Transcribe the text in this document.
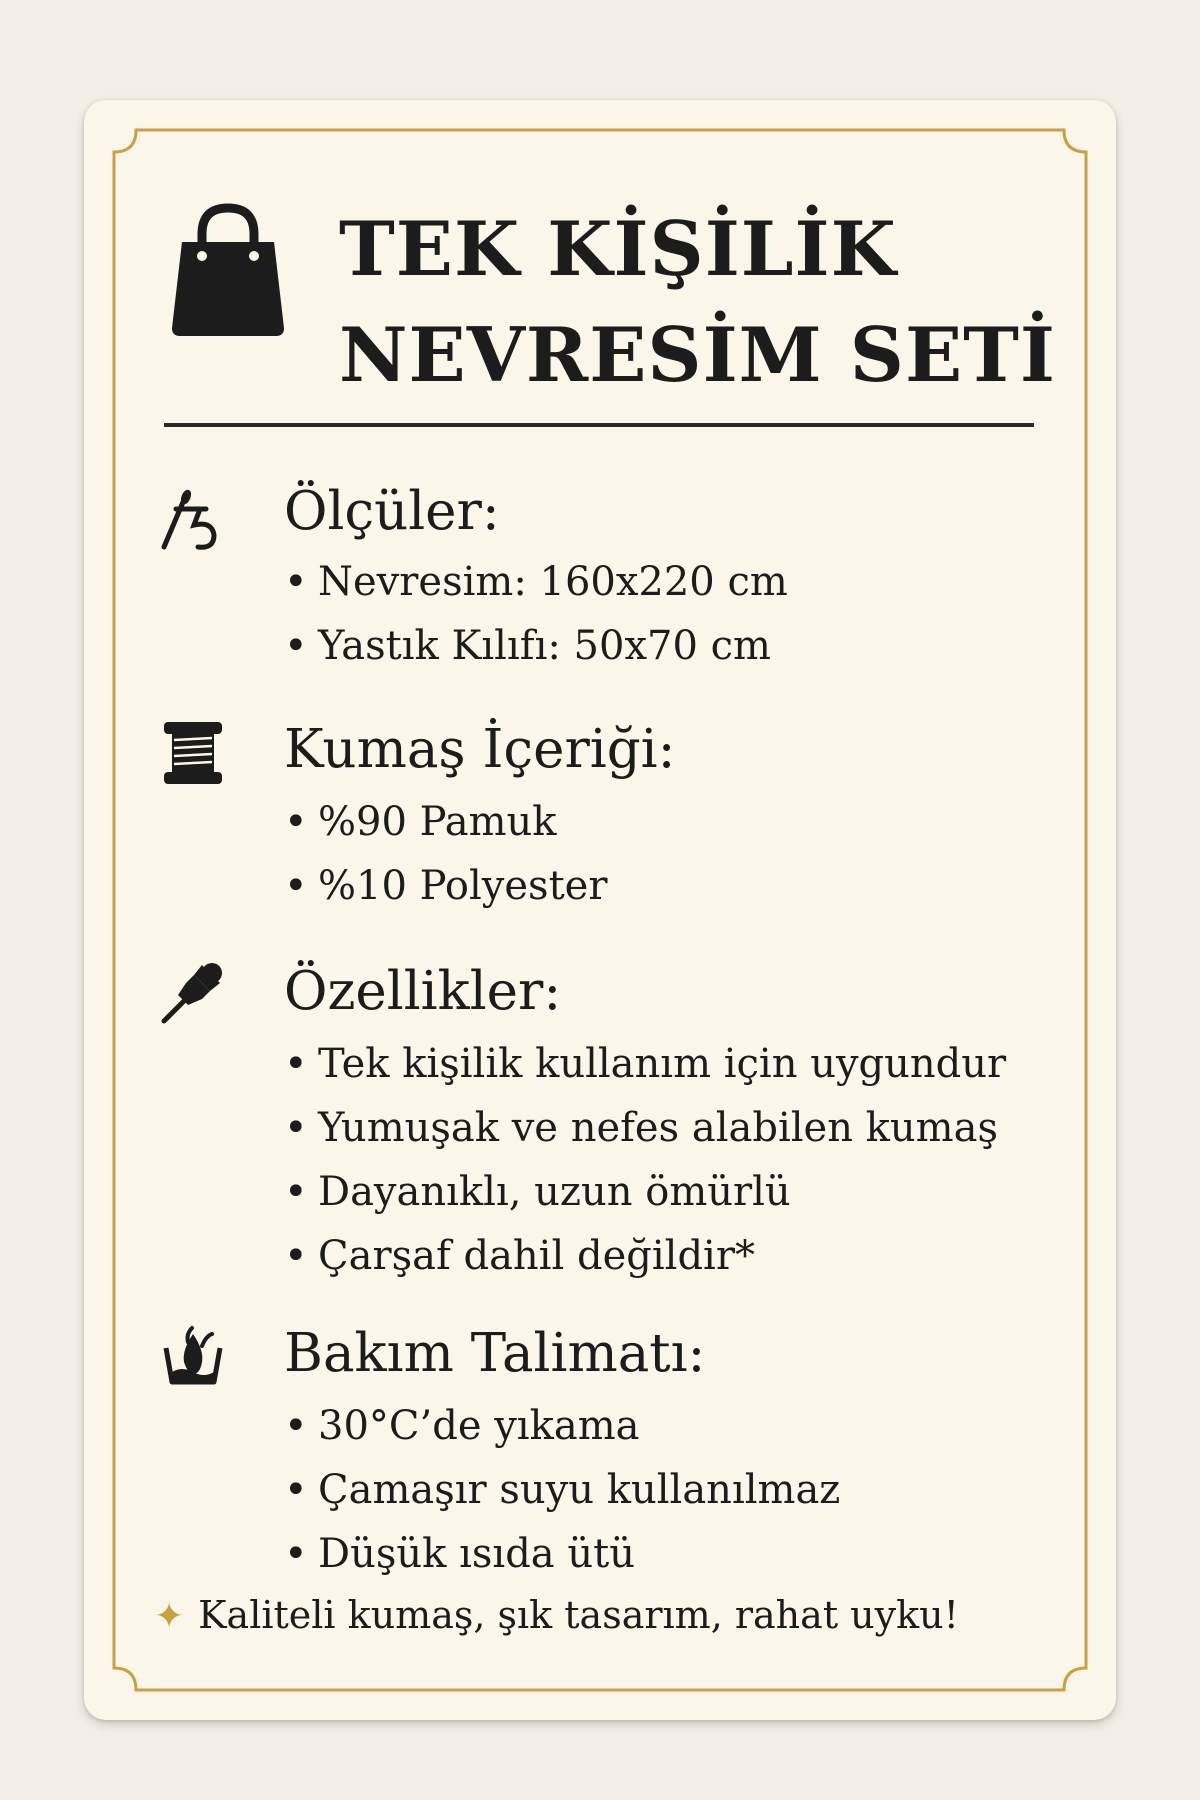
TEK KİŞİLİK
NEVRESİM SETİ
Ölçüler:
• Nevresim: 160x220 cm
• Yastık Kılıfı: 50x70 cm
Kumaş İçeriği:
• %90 Pamuk
• %10 Polyester
Özellikler:
• Tek kişilik kullanım için uygundur
• Yumuşak ve nefes alabilen kumaş
• Dayanıklı, uzun ömürlü
• Çarşaf dahil değildir*
Bakım Talimatı:
• 30°C’de yıkama
• Çamaşır suyu kullanılmaz
• Düşük ısıda ütü
✦ Kaliteli kumaş, şık tasarım, rahat uyku!
